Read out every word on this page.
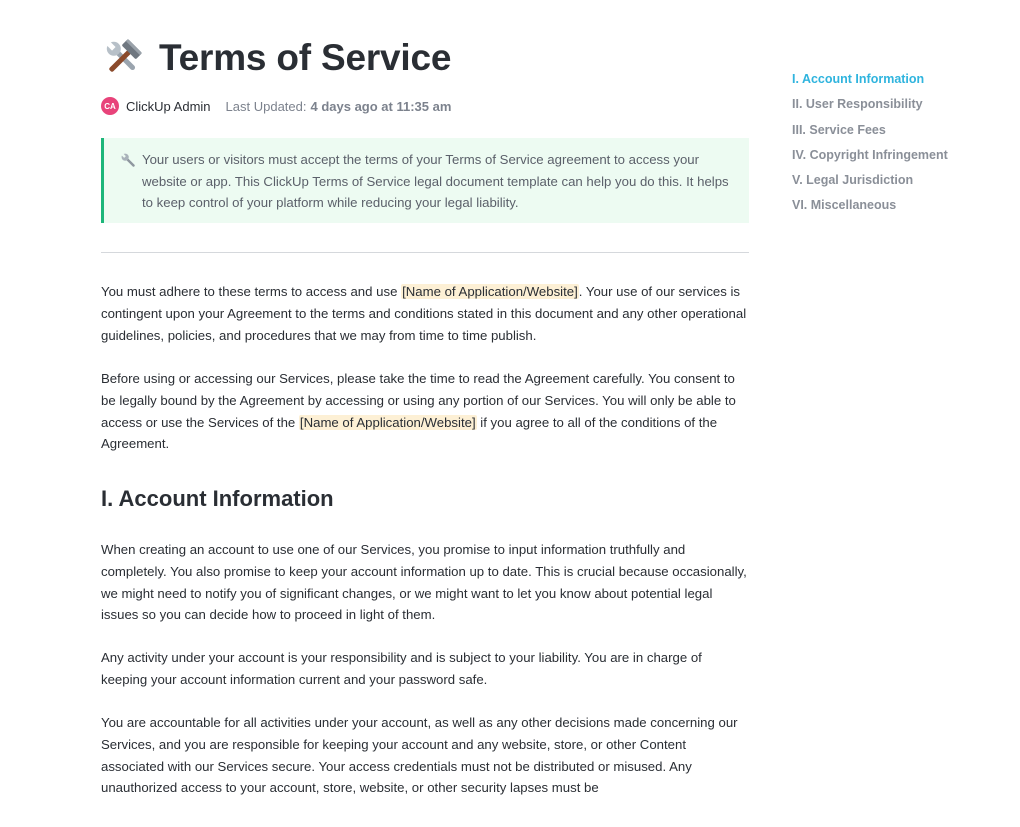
Terms of Service
CA ClickUp Admin Last Updated: 4 days ago at 11:35 am
Your users or visitors must accept the terms of your Terms of Service agreement to access your website or app. This ClickUp Terms of Service legal document template can help you do this. It helps to keep control of your platform while reducing your legal liability.

You must adhere to these terms to access and use [Name of Application/Website]. Your use of our services is contingent upon your Agreement to the terms and conditions stated in this document and any other operational guidelines, policies, and procedures that we may from time to time publish.

Before using or accessing our Services, please take the time to read the Agreement carefully. You consent to be legally bound by the Agreement by accessing or using any portion of our Services. You will only be able to access or use the Services of the [Name of Application/Website] if you agree to all of the conditions of the Agreement.

I. Account Information

When creating an account to use one of our Services, you promise to input information truthfully and completely. You also promise to keep your account information up to date. This is crucial because occasionally, we might need to notify you of significant changes, or we might want to let you know about potential legal issues so you can decide how to proceed in light of them.

Any activity under your account is your responsibility and is subject to your liability. You are in charge of keeping your account information current and your password safe.

You are accountable for all activities under your account, as well as any other decisions made concerning our Services, and you are responsible for keeping your account and any website, store, or other Content associated with our Services secure. Your access credentials must not be distributed or misused. Any unauthorized access to your account, store, website, or other security lapses must be

I. Account Information
II. User Responsibility
III. Service Fees
IV. Copyright Infringement
V. Legal Jurisdiction
VI. Miscellaneous
